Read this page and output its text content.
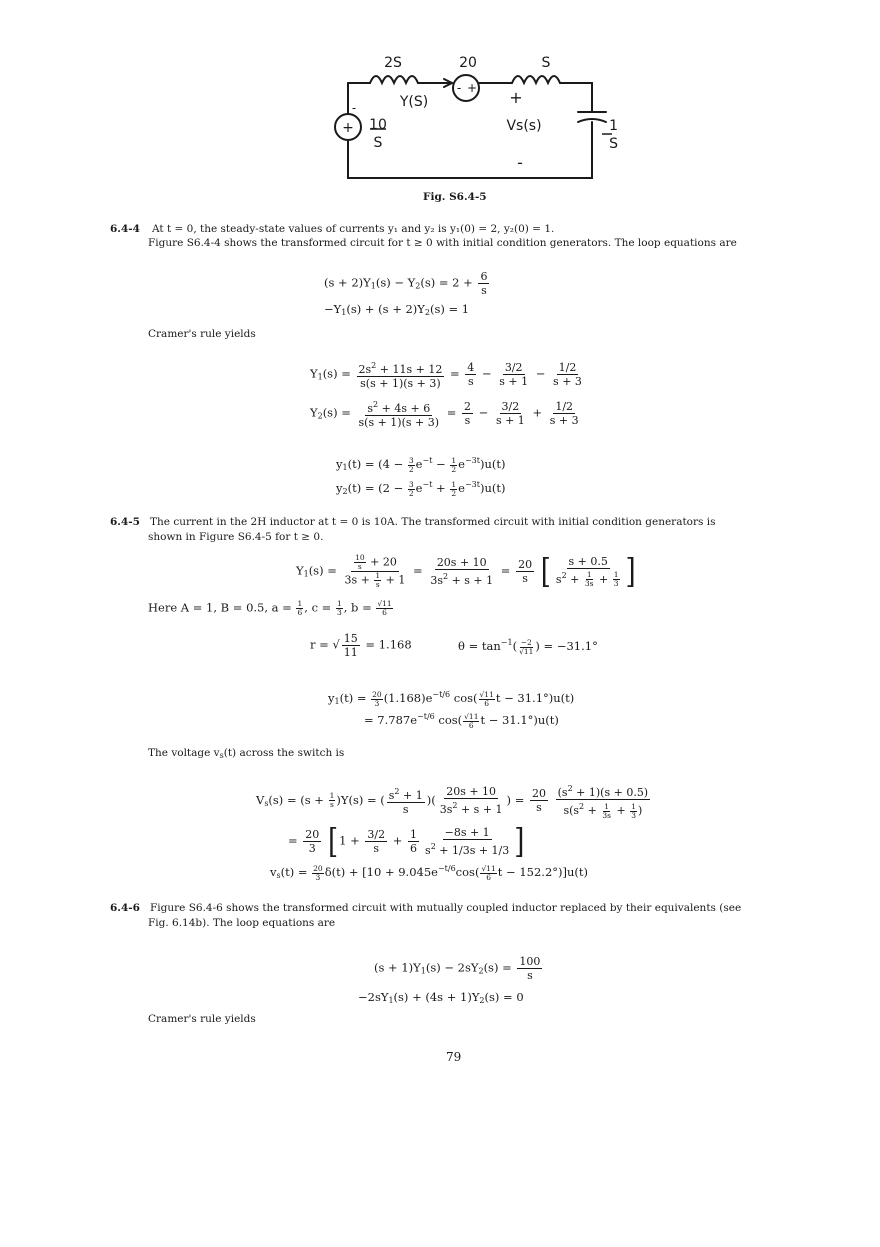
2S	20	S
Y(S)
- + +
+
-
10
S
Vs(s)
-
1
S
Fig. S6.4-5
6.4-4 At t = 0, the steady-state values of currents y₁ and y₂ is y₁(0) = 2, y₂(0) = 1.
Figure S6.4-4 shows the transformed circuit for t ≥ 0 with initial condition generators. The loop equations are
$(s + 2)Y_1(s) - Y_2(s) = 2 + \frac{6}{s}$
$-Y_1(s) + (s + 2)Y_2(s) = 1$
Cramer's rule yields
$Y_1(s) = \frac{2s^2 + 11s + 12}{s(s + 1)(s + 3)} = \frac{4}{s} - \frac{3/2}{s + 1} - \frac{1/2}{s + 3}$
$Y_2(s) = \frac{s^2 + 4s + 6}{s(s + 1)(s + 3)} = \frac{2}{s} - \frac{3/2}{s + 1} + \frac{1/2}{s + 3}$
$y_1(t) = (4 - \frac{3}{2} e^{-t} - \frac{1}{2} e^{-3t})u(t)$
$y_2(t) = (2 - \frac{3}{2} e^{-t} + \frac{1}{2} e^{-3t})u(t)$
6.4-5 The current in the 2H inductor at t = 0 is 10A. The transformed circuit with initial condition generators is
shown in Figure S6.4-5 for t ≥ 0.
$Y_1(s) = \frac{\frac{10}{s} + 20}{3s + \frac{1}{s} + 1} = \frac{20s + 10}{3s^2 + s + 1} = \frac{20}{s}$ [ $\frac{s + 0.5}{s^2 + \frac{1}{3s} + \frac{1}{3}}$ ]
Here A = 1, B = 0.5, $a = \frac{1}{6}$ , $c = \frac{1}{3}$ , $b = \frac{√11}{6}$
r = √ $\frac{15}{11} = 1.168$	$\theta = \tan^{-1}( \frac{-2}{√11}$ ) = −31.1°
$y_1(t) = \frac{20}{3} (1.168)e^{-t/6}$ $\cos( \frac{√11}{6}$ t − 31.1°)u(t)
= $7.787e^{-t/6}$ $\cos( \frac{√11}{6}$ t − 31.1°)u(t)
The voltage $v_s(t)$ across the switch is
$V_s(s) = (s + \frac{1}{s} )Y(s)$ = ( $\frac{s^2 + 1}{s}$ )( $\frac{20s + 10}{3s^2 + s + 1}$ ) = $\frac{20}{s}$
$\frac{(s^2 + 1)(s + 0.5)}{s(s^2 + \frac{1}{3s} + \frac{1}{3} )}$
= $\frac{20}{3} [1 + \frac{3/2}{s} + \frac{1}{6} \frac{-8s + 1}{s^2 + 1/3s + 1/3}$ ]
$v_s(t) = \frac{20}{3} \delta(t) + [10 + 9.045e^{-t/6}\cos( \frac{√11}{6}$ t − 152.2°)]u(t)
6.4-6 Figure S6.4-6 shows the transformed circuit with mutually coupled inductor replaced by their equivalents (see
Fig. 6.14b). The loop equations are
$(s + 1)Y_1(s) - 2sY_2(s) = \frac{100}{s}$
$-2sY_1(s) + (4s + 1)Y_2(s) = 0$
Cramer's rule yields
79
